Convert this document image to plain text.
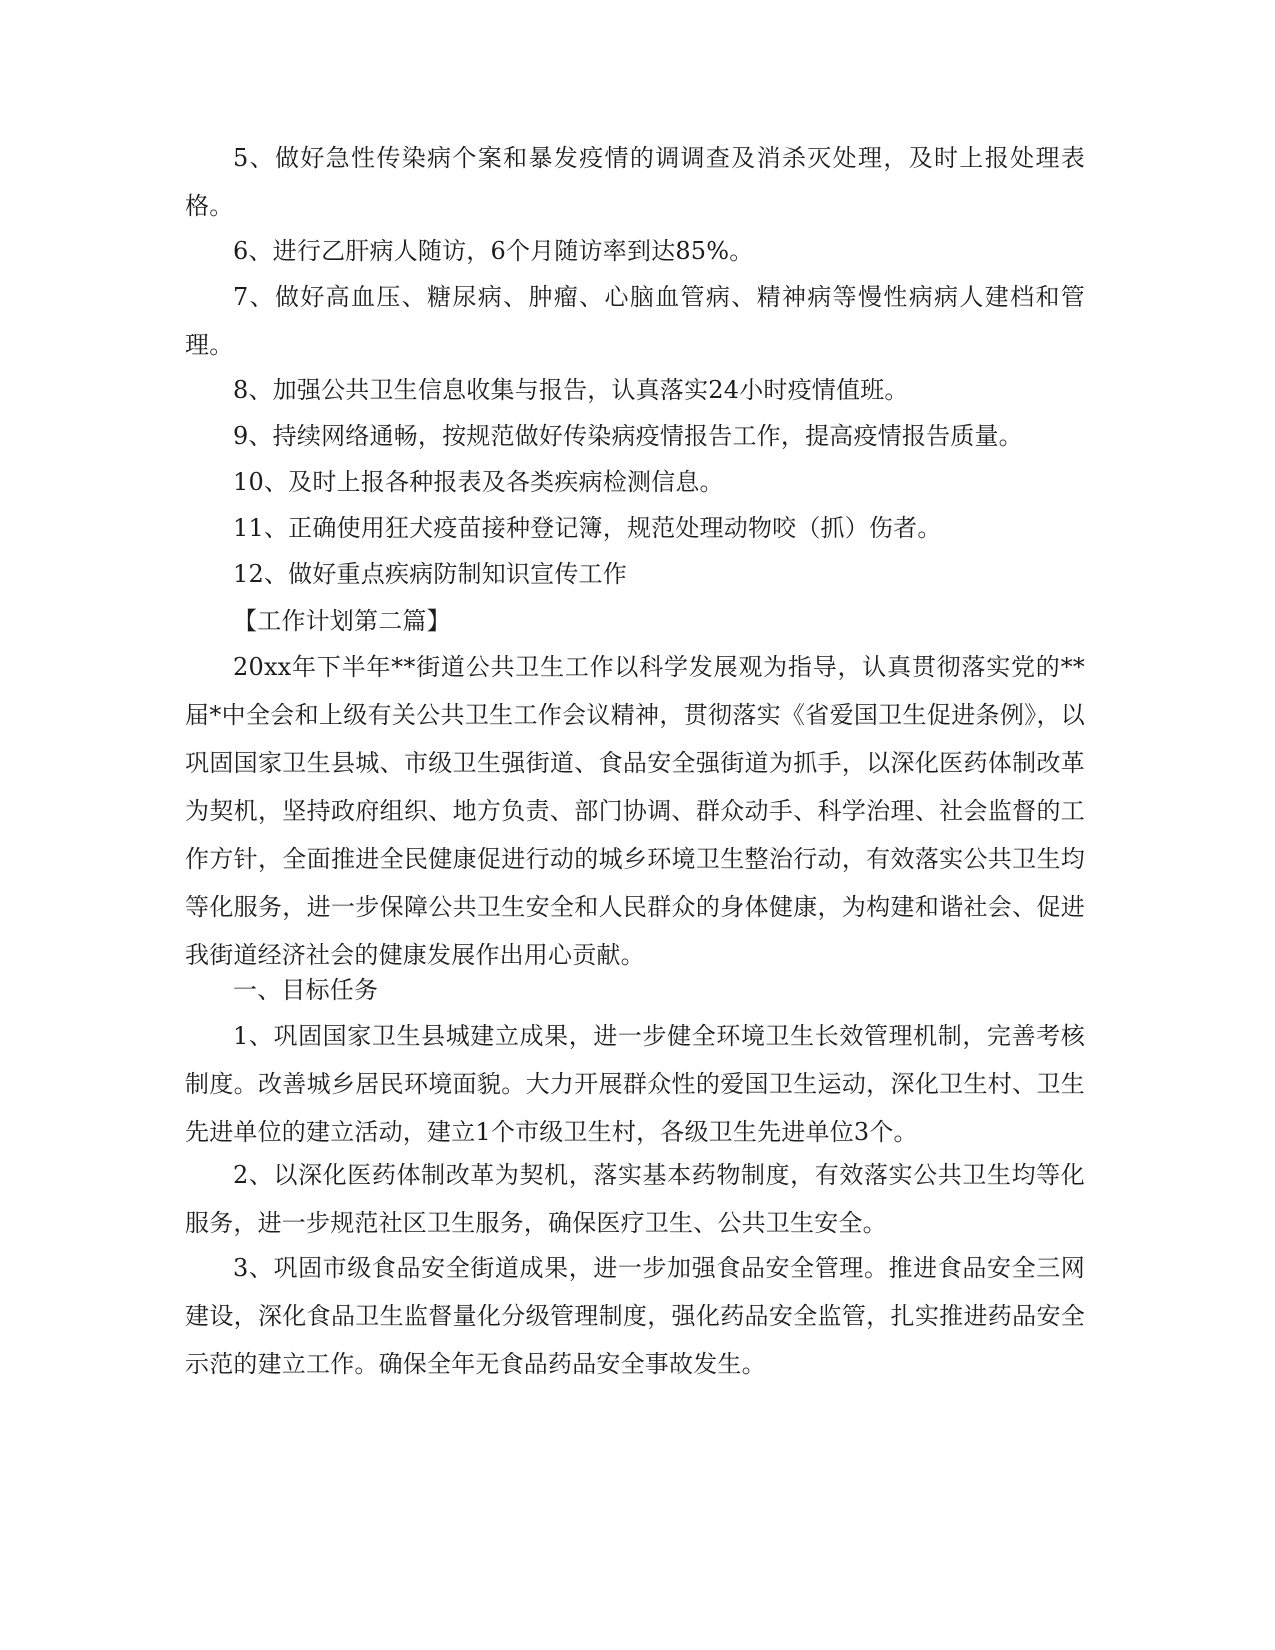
5、做好急性传染病个案和暴发疫情的调调查及消杀灭处理，及时上报处理表格。

6、进行乙肝病人随访，6个月随访率到达85%。

7、做好高血压、糖尿病、肿瘤、心脑血管病、精神病等慢性病病人建档和管理。

8、加强公共卫生信息收集与报告，认真落实24小时疫情值班。

9、持续网络通畅，按规范做好传染病疫情报告工作，提高疫情报告质量。

10、及时上报各种报表及各类疾病检测信息。

11、正确使用狂犬疫苗接种登记簿，规范处理动物咬（抓）伤者。

12、做好重点疾病防制知识宣传工作

【工作计划第二篇】

20xx年下半年**街道公共卫生工作以科学发展观为指导，认真贯彻落实党的**届*中全会和上级有关公共卫生工作会议精神，贯彻落实《省爱国卫生促进条例》，以巩固国家卫生县城、市级卫生强街道、食品安全强街道为抓手，以深化医药体制改革为契机，坚持政府组织、地方负责、部门协调、群众动手、科学治理、社会监督的工作方针，全面推进全民健康促进行动的城乡环境卫生整治行动，有效落实公共卫生均等化服务，进一步保障公共卫生安全和人民群众的身体健康，为构建和谐社会、促进我街道经济社会的健康发展作出用心贡献。

一、目标任务

1、巩固国家卫生县城建立成果，进一步健全环境卫生长效管理机制，完善考核制度。改善城乡居民环境面貌。大力开展群众性的爱国卫生运动，深化卫生村、卫生先进单位的建立活动，建立1个市级卫生村，各级卫生先进单位3个。

2、以深化医药体制改革为契机，落实基本药物制度，有效落实公共卫生均等化服务，进一步规范社区卫生服务，确保医疗卫生、公共卫生安全。

3、巩固市级食品安全街道成果，进一步加强食品安全管理。推进食品安全三网建设，深化食品卫生监督量化分级管理制度，强化药品安全监管，扎实推进药品安全示范的建立工作。确保全年无食品药品安全事故发生。
